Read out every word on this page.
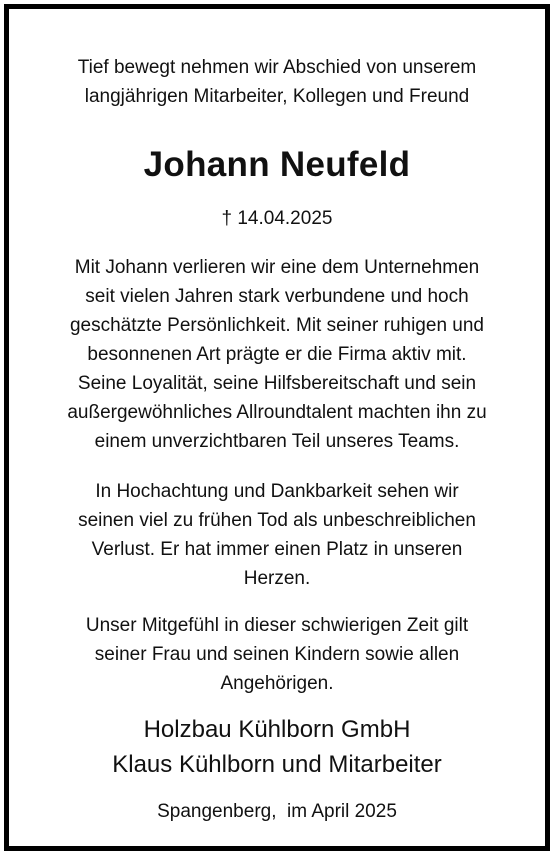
Tief bewegt nehmen wir Abschied von unserem
langjährigen Mitarbeiter, Kollegen und Freund
Johann Neufeld
† 14.04.2025
Mit Johann verlieren wir eine dem Unternehmen
seit vielen Jahren stark verbundene und hoch
geschätzte Persönlichkeit. Mit seiner ruhigen und
besonnenen Art prägte er die Firma aktiv mit.
Seine Loyalität, seine Hilfsbereitschaft und sein
außergewöhnliches Allroundtalent machten ihn zu
einem unverzichtbaren Teil unseres Teams.
In Hochachtung und Dankbarkeit sehen wir
seinen viel zu frühen Tod als unbeschreiblichen
Verlust. Er hat immer einen Platz in unseren
Herzen.
Unser Mitgefühl in dieser schwierigen Zeit gilt
seiner Frau und seinen Kindern sowie allen
Angehörigen.
Holzbau Kühlborn GmbH
Klaus Kühlborn und Mitarbeiter
Spangenberg,  im April 2025
